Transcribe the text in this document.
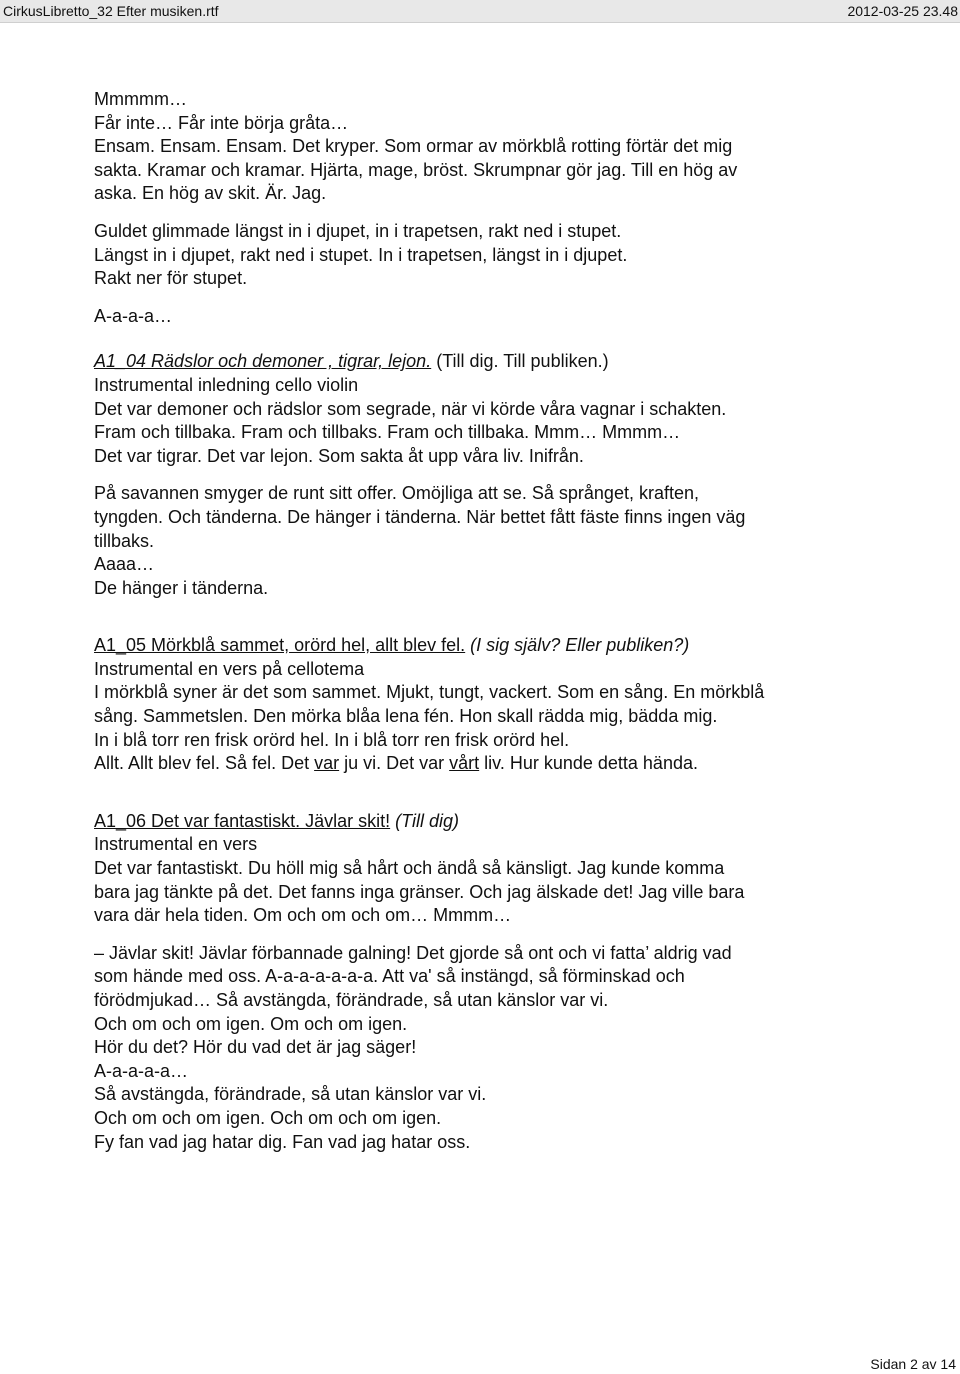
CirkusLibretto_32 Efter musiken.rtf	2012-03-25 23.48
Mmmmm…
Får inte… Får inte börja gråta…
Ensam. Ensam. Ensam. Det kryper. Som ormar av mörkblå rotting förtär det mig
sakta. Kramar och kramar. Hjärta, mage, bröst. Skrumpnar gör jag. Till en hög av
aska. En hög av skit. Är. Jag.
Guldet glimmade längst in i djupet, in i trapetsen, rakt ned i stupet.
Längst in i djupet, rakt ned i stupet. In i trapetsen, längst in i djupet.
Rakt ner för stupet.
A-a-a-a…
A1_04 Rädslor och demoner , tigrar, lejon. (Till dig. Till publiken.)
Instrumental inledning cello violin
Det var demoner och rädslor som segrade, när vi körde våra vagnar i schakten.
Fram och tillbaka. Fram och tillbaks. Fram och tillbaka. Mmm… Mmmm…
Det var tigrar. Det var lejon. Som sakta åt upp våra liv. Inifrån.
På savannen smyger de runt sitt offer. Omöjliga att se. Så språnget, kraften,
tyngden. Och tänderna. De hänger i tänderna. När bettet fått fäste finns ingen väg
tillbaks.
Aaaa…
De hänger i tänderna.
A1_05 Mörkblå sammet, orörd hel, allt blev fel. (I sig själv? Eller publiken?)
Instrumental en vers på cellotema
I mörkblå syner är det som sammet. Mjukt, tungt, vackert. Som en sång. En mörkblå
sång. Sammetslen. Den mörka blåa lena fén. Hon skall rädda mig, bädda mig.
In i blå torr ren frisk orörd hel. In i blå torr ren frisk orörd hel.
Allt. Allt blev fel. Så fel. Det var ju vi. Det var vårt liv. Hur kunde detta hända.
A1_06 Det var fantastiskt. Jävlar skit! (Till dig)
Instrumental en vers
Det var fantastiskt. Du höll mig så hårt och ändå så känsligt. Jag kunde komma
bara jag tänkte på det. Det fanns inga gränser. Och jag älskade det! Jag ville bara
vara där hela tiden. Om och om och om… Mmmm…
– Jävlar skit! Jävlar förbannade galning! Det gjorde så ont och vi fatta’ aldrig vad
som hände med oss. A-a-a-a-a-a-a. Att va' så instängd, så förminskad och
förödmjukad… Så avstängda, förändrade, så utan känslor var vi.
Och om och om igen. Om och om igen.
Hör du det? Hör du vad det är jag säger!
A-a-a-a-a…
Så avstängda, förändrade, så utan känslor var vi.
Och om och om igen. Och om och om igen.
Fy fan vad jag hatar dig. Fan vad jag hatar oss.
Sidan 2 av 14
